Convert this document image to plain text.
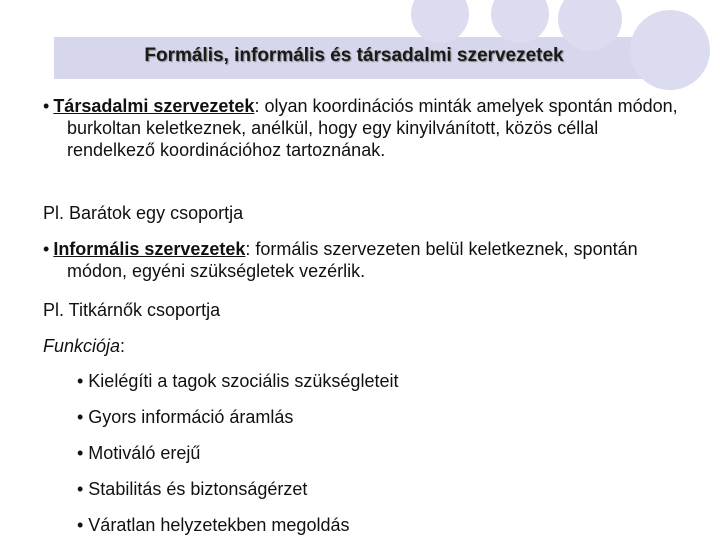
Formális, informális és társadalmi szervezetek
• Társadalmi szervezetek: olyan koordinációs minták amelyek spontán módon, burkoltan keletkeznek, anélkül, hogy egy kinyilvánított, közös céllal rendelkező koordinációhoz tartoznának.
Pl. Barátok egy csoportja
• Informális szervezetek: formális szervezeten belül keletkeznek, spontán módon, egyéni szükségletek vezérlik.
Pl. Titkárnők csoportja
Funkciója:
• Kielégíti a tagok szociális szükségleteit
• Gyors információ áramlás
• Motiváló erejű
• Stabilitás és biztonságérzet
• Váratlan helyzetekben megoldás
